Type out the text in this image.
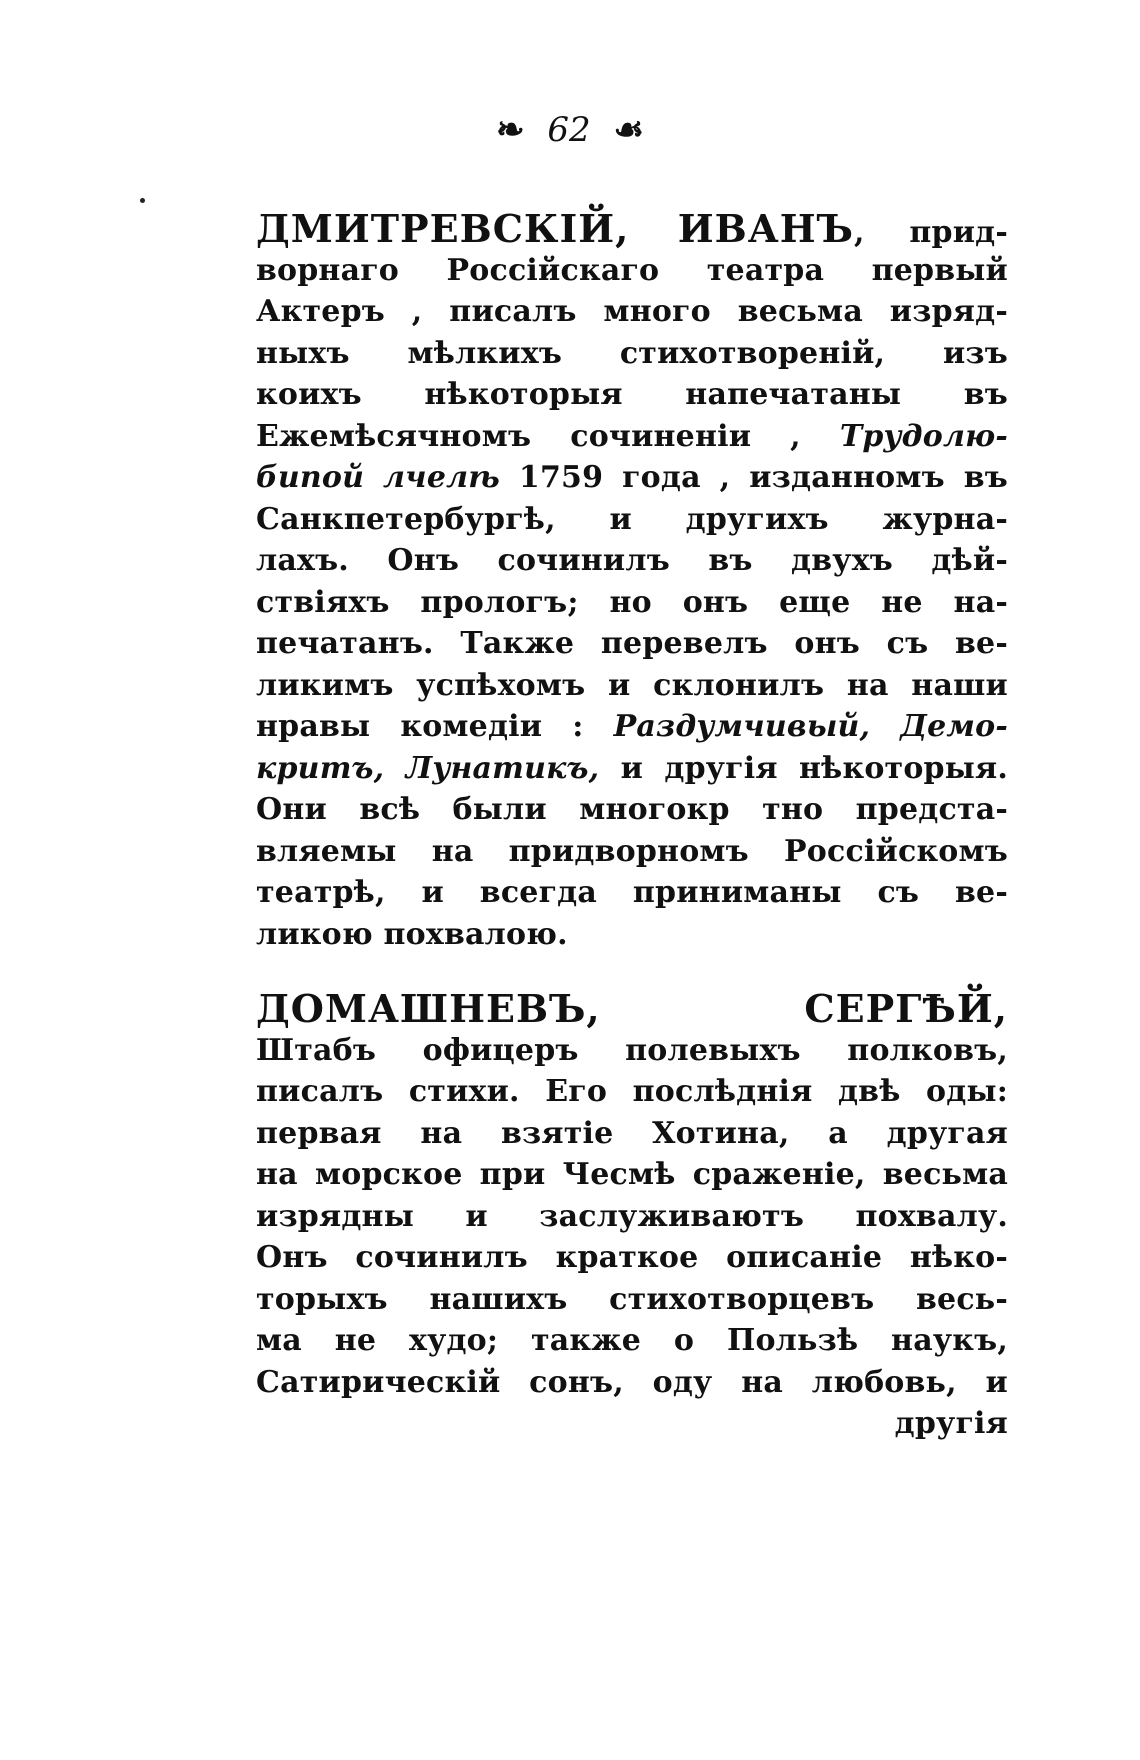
❧ 62 ☙
ДМИТРЕВСКІЙ, ИВАНЪ, прид-
ворнаго Россійскаго театра первый
Актеръ , писалъ много весьма изряд-
ныхъ мѣлкихъ стихотвореній, изъ
коихъ нѣкоторыя напечатаны въ
Ежемѣсячномъ сочиненіи , Трудолю-
бипой лчелѣ 1759 года , изданномъ въ
Санкпетербургѣ, и другихъ журна-
лахъ. Онъ сочинилъ въ двухъ дѣй-
ствіяхъ прологъ; но онъ еще не на-
печатанъ. Также перевелъ онъ съ ве-
ликимъ успѣхомъ и склонилъ на наши
нравы комедіи : Раздумчивый, Демо-
критъ, Лунатикъ, и другія нѣкоторыя.
Они всѣ были многокр тно предста-
вляемы на придворномъ Россійскомъ
театрѣ, и всегда приниманы съ ве-
ликою похвалою.
ДОМАШНЕВЪ, СЕРГѢЙ,
Штабъ офицеръ полевыхъ полковъ,
писалъ стихи. Его послѣднія двѣ оды:
первая на взятіе Хотина, а другая
на морское при Чесмѣ сраженіе, весьма
изрядны и заслуживаютъ похвалу.
Онъ сочинилъ краткое описаніе нѣко-
торыхъ нашихъ стихотворцевъ весь-
ма не худо; также о Пользѣ наукъ,
Сатирическій сонъ, оду на любовь, и
другія
